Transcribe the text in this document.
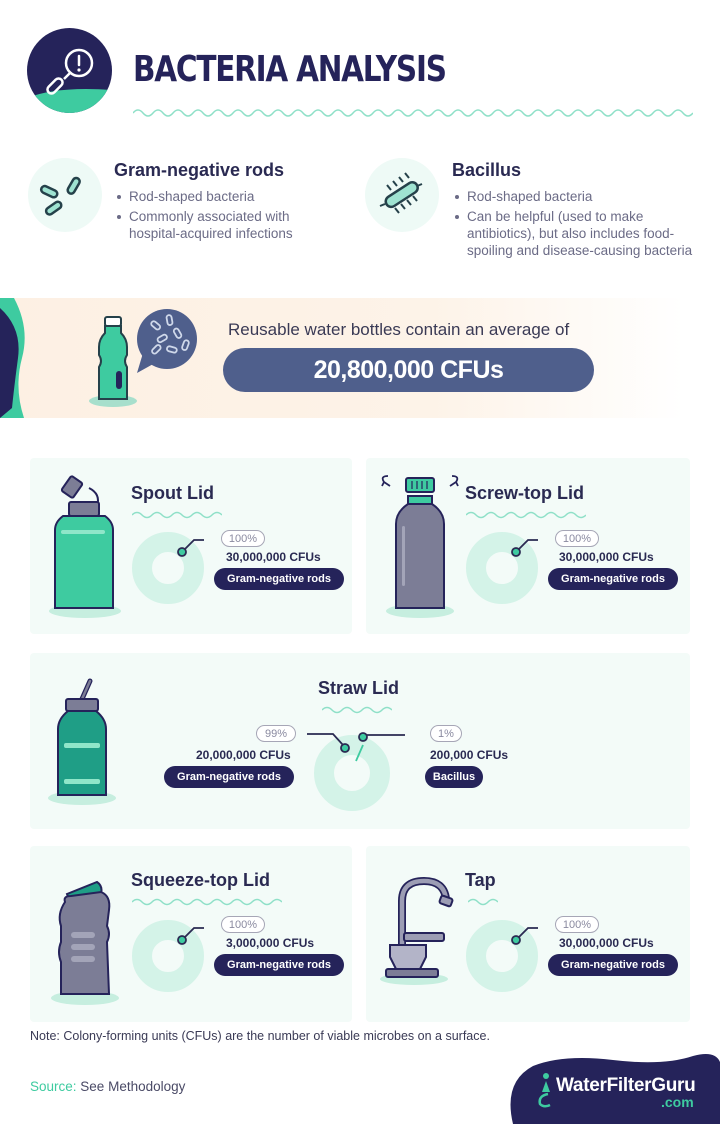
BACTERIA ANALYSIS
Gram-negative rods
Rod-shaped bacteria
Commonly associated with hospital-acquired infections
Bacillus
Rod-shaped bacteria
Can be helpful (used to make antibiotics), but also includes food-spoiling and disease-causing bacteria
Reusable water bottles contain an average of
20,800,000 CFUs
Spout Lid
100%
30,000,000 CFUs
Gram-negative rods
Screw-top Lid
100%
30,000,000 CFUs
Gram-negative rods
Straw Lid
99%
20,000,000 CFUs
Gram-negative rods
1%
200,000 CFUs
Bacillus
Squeeze-top Lid
100%
3,000,000 CFUs
Gram-negative rods
Tap
100%
30,000,000 CFUs
Gram-negative rods
Note: Colony-forming units (CFUs) are the number of viable microbes on a surface.
Source: See Methodology	WaterFilterGuru
.com
